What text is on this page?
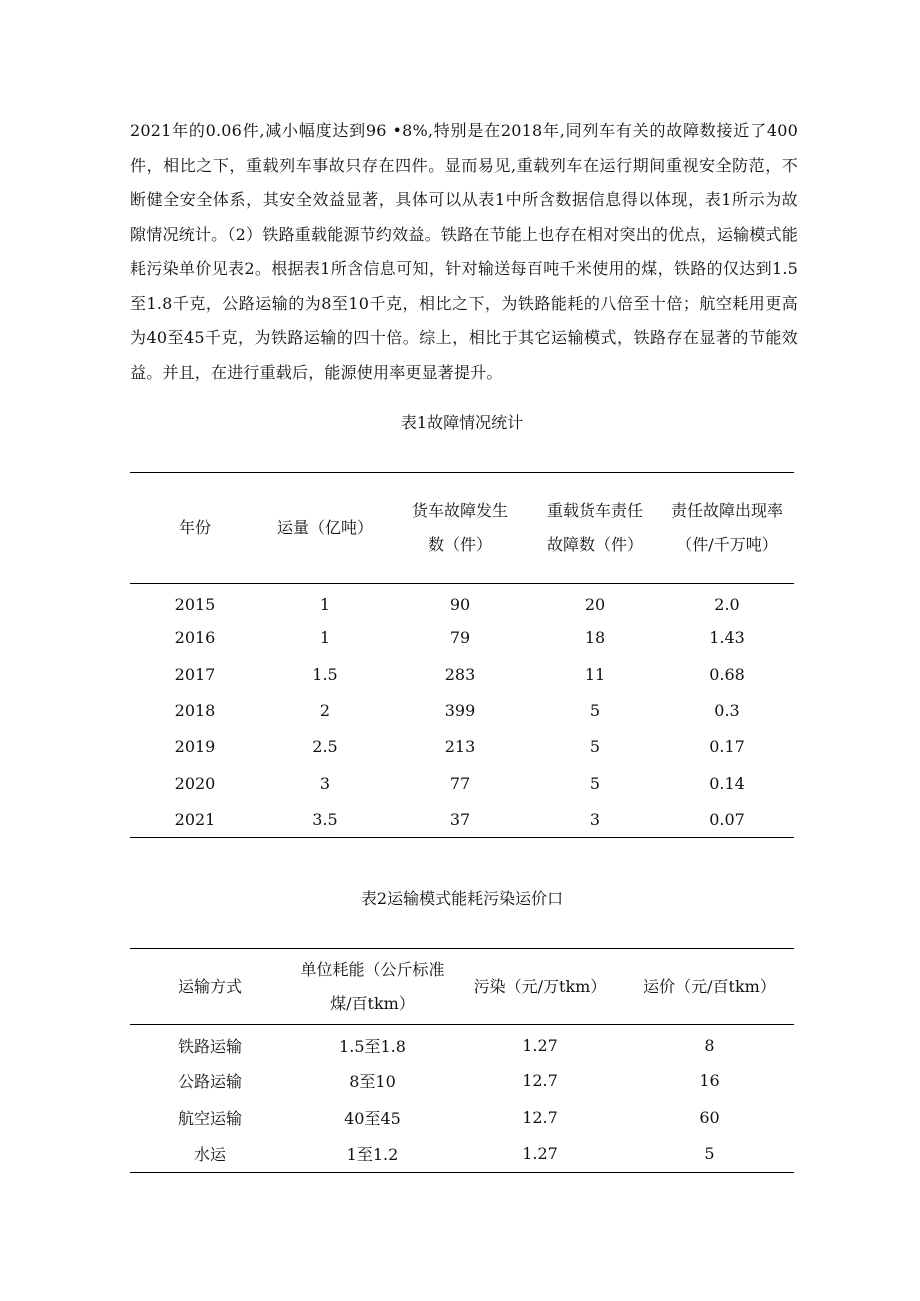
2021年的0.06件,减小幅度达到96 •8%,特别是在2018年,同列车有关的故障数接近了400件，相比之下，重载列车事故只存在四件。显而易见,重载列车在运行期间重视安全防范，不断健全安全体系，其安全效益显著，具体可以从表1中所含数据信息得以体现，表1所示为故隙情况统计。（2）铁路重载能源节约效益。铁路在节能上也存在相对突出的优点，运输模式能耗污染单价见表2。根据表1所含信息可知，针对输送每百吨千米使用的煤，铁路的仅达到1.5至1.8千克，公路运输的为8至10千克，相比之下，为铁路能耗的八倍至十倍；航空耗用更高为40至45千克，为铁路运输的四十倍。综上，相比于其它运输模式，铁路存在显著的节能效益。并且，在进行重载后，能源使用率更显著提升。

表1故障情况统计

年份	运量（亿吨）	货车故障发生数（件）	重载货车责任故障数（件）	责任故障出现率（件/千万吨）
2015	1	90	20	2.0
2016	1	79	18	1.43
2017	1.5	283	11	0.68
2018	2	399	5	0.3
2019	2.5	213	5	0.17
2020	3	77	5	0.14
2021	3.5	37	3	0.07

表2运输模式能耗污染运价口

运输方式	单位耗能（公斤标准煤/百tkm）	污染（元/万tkm）	运价（元/百tkm）
铁路运输	1.5至1.8	1.27	8
公路运输	8至10	12.7	16
航空运输	40至45	12.7	60
水运	1至1.2	1.27	5
